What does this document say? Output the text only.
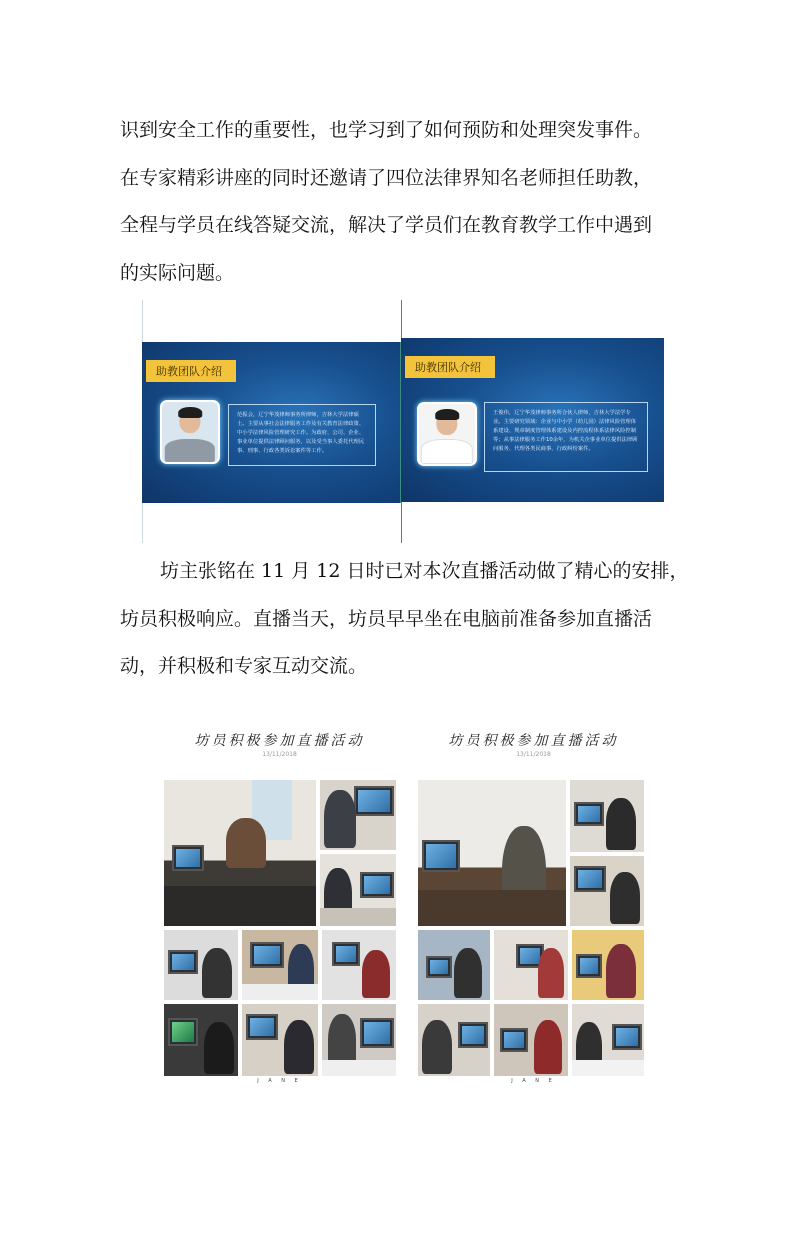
识到安全工作的重要性，也学习到了如何预防和处理突发事件。
在专家精彩讲座的同时还邀请了四位法律界知名老师担任助教，
全程与学员在线答疑交流，解决了学员们在教育教学工作中遇到
的实际问题。
助教团队介绍
范振会，辽宁华茂律师事务所律师，吉林大学法律硕士。主要从事社会法律服务工作及有关教育法律政策、中小学法律风险管理研究工作。为政府、公司、企业、事业单位提供法律顾问服务，以及受当事人委托代理民事、刑事、行政各类诉讼案件等工作。
助教团队介绍
王俊伟，辽宁华茂律师事务所合伙人律师，吉林大学法学专业。主要研究领域：企业与中小学（幼儿园）法律风险管理体系建设、规章制度管理体系建设及内控流程体系法律风险控制等；从事法律服务工作10余年，为机关企事业单位提供法律顾问服务、代理各类民商事、行政纠纷案件。
坊主张铭在 11 月 12 日时已对本次直播活动做了精心的安排，
坊员积极响应。直播当天，坊员早早坐在电脑前准备参加直播活
动，并积极和专家互动交流。
坊员积极参加直播活动
13/11/2018
J A N E
坊员积极参加直播活动
13/11/2018
J A N E
